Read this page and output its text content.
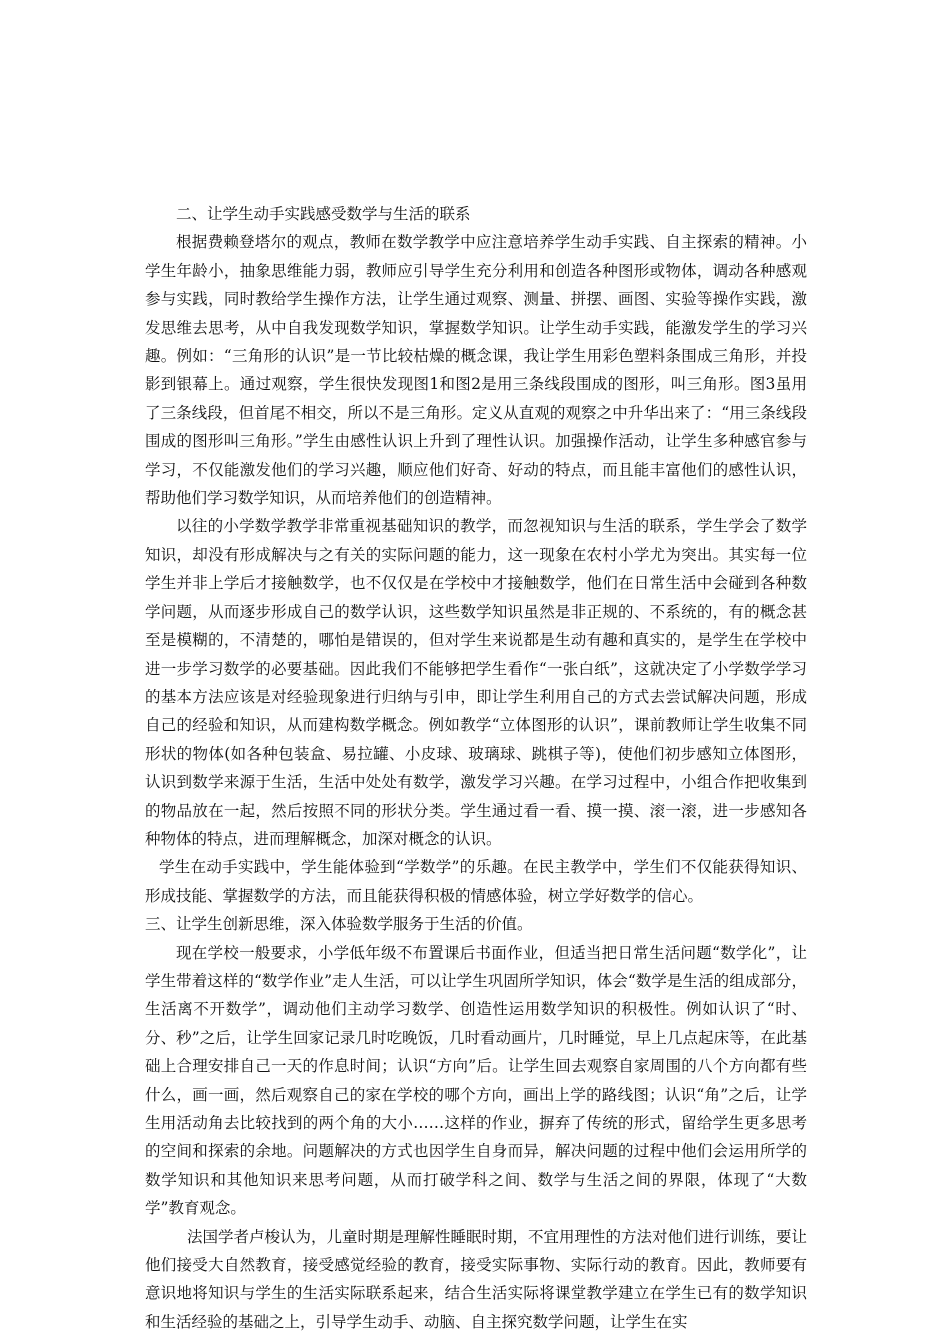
二、让学生动手实践感受数学与生活的联系

根据费赖登塔尔的观点，教师在数学教学中应注意培养学生动手实践、自主探索的精神。小学生年龄小，抽象思维能力弱，教师应引导学生充分利用和创造各种图形或物体，调动各种感观参与实践，同时教给学生操作方法，让学生通过观察、测量、拼摆、画图、实验等操作实践，激发思维去思考，从中自我发现数学知识，掌握数学知识。让学生动手实践，能激发学生的学习兴趣。例如：“三角形的认识”是一节比较枯燥的概念课，我让学生用彩色塑料条围成三角形，并投影到银幕上。通过观察，学生很快发现图1和图2是用三条线段围成的图形，叫三角形。图3虽用了三条线段，但首尾不相交，所以不是三角形。定义从直观的观察之中升华出来了：“用三条线段围成的图形叫三角形。”学生由感性认识上升到了理性认识。加强操作活动，让学生多种感官参与学习，不仅能激发他们的学习兴趣，顺应他们好奇、好动的特点，而且能丰富他们的感性认识，帮助他们学习数学知识，从而培养他们的创造精神。

以往的小学数学教学非常重视基础知识的教学，而忽视知识与生活的联系，学生学会了数学知识，却没有形成解决与之有关的实际问题的能力，这一现象在农村小学尤为突出。其实每一位学生并非上学后才接触数学，也不仅仅是在学校中才接触数学，他们在日常生活中会碰到各种数学问题，从而逐步形成自己的数学认识，这些数学知识虽然是非正规的、不系统的，有的概念甚至是模糊的，不清楚的，哪怕是错误的，但对学生来说都是生动有趣和真实的，是学生在学校中进一步学习数学的必要基础。因此我们不能够把学生看作“一张白纸”，这就决定了小学数学学习的基本方法应该是对经验现象进行归纳与引申，即让学生利用自己的方式去尝试解决问题，形成自己的经验和知识，从而建构数学概念。例如教学“立体图形的认识”，课前教师让学生收集不同形状的物体(如各种包装盒、易拉罐、小皮球、玻璃球、跳棋子等)，使他们初步感知立体图形，认识到数学来源于生活，生活中处处有数学，激发学习兴趣。在学习过程中，小组合作把收集到的物品放在一起，然后按照不同的形状分类。学生通过看一看、摸一摸、滚一滚，进一步感知各种物体的特点，进而理解概念，加深对概念的认识。

学生在动手实践中，学生能体验到“学数学”的乐趣。在民主教学中，学生们不仅能获得知识、形成技能、掌握数学的方法，而且能获得积极的情感体验，树立学好数学的信心。

三、让学生创新思维，深入体验数学服务于生活的价值。

现在学校一般要求，小学低年级不布置课后书面作业，但适当把日常生活问题“数学化”，让学生带着这样的“数学作业”走人生活，可以让学生巩固所学知识，体会“数学是生活的组成部分，生活离不开数学”，调动他们主动学习数学、创造性运用数学知识的积极性。例如认识了“时、分、秒”之后，让学生回家记录几时吃晚饭，几时看动画片，几时睡觉，早上几点起床等，在此基础上合理安排自己一天的作息时间；认识“方向”后。让学生回去观察自家周围的八个方向都有些什么，画一画，然后观察自己的家在学校的哪个方向，画出上学的路线图；认识“角”之后，让学生用活动角去比较找到的两个角的大小……这样的作业，摒弃了传统的形式，留给学生更多思考的空间和探索的余地。问题解决的方式也因学生自身而异，解决问题的过程中他们会运用所学的数学知识和其他知识来思考问题，从而打破学科之间、数学与生活之间的界限，体现了“大数学”教育观念。

法国学者卢梭认为，儿童时期是理解性睡眠时期，不宜用理性的方法对他们进行训练，要让他们接受大自然教育，接受感觉经验的教育，接受实际事物、实际行动的教育。因此，教师要有意识地将知识与学生的生活实际联系起来，结合生活实际将课堂教学建立在学生已有的数学知识和生活经验的基础之上，引导学生动手、动脑、自主探究数学问题，让学生在实
